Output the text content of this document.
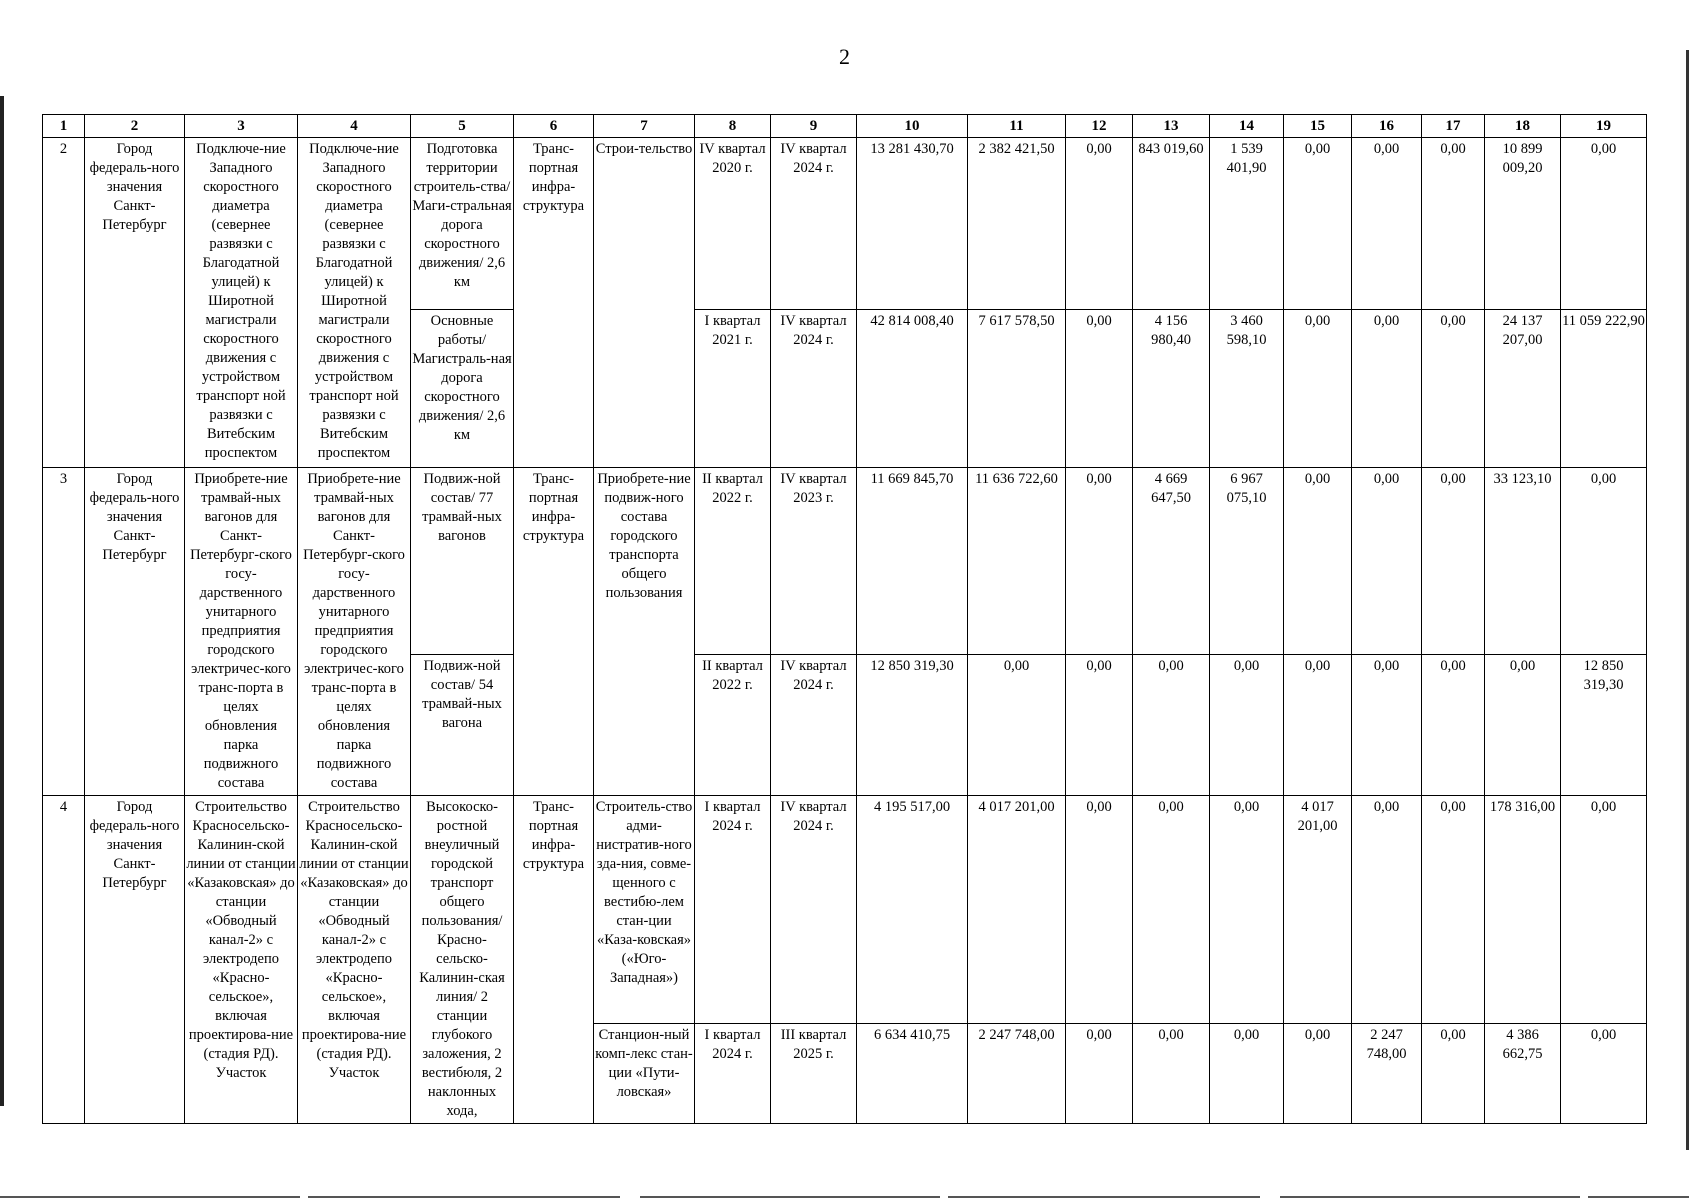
2
1	2	3	4	5	6	7	8	9	10	11	12	13	14	15	16	17	18	19
2	Город федераль-ного значения Санкт-Петербург	Подключе-ние Западного скоростного диаметра (севернее развязки с Благодатной улицей) к Широтной магистрали скоростного движения с устройством транспорт ной развязки с Витебским проспектом	Подключе-ние Западного скоростного диаметра (севернее развязки с Благодатной улицей) к Широтной магистрали скоростного движения с устройством транспорт ной развязки с Витебским проспектом	Подготовка территории строитель-ства/ Маги-стральная дорога скоростного движения/ 2,6 км	Транс-портная инфра-структура	Строи-тельство	IV квартал 2020 г.	IV квартал 2024 г.	13 281 430,70	2 382 421,50	0,00	843 019,60	1 539 401,90	0,00	0,00	0,00	10 899 009,20	0,00
				Основные работы/ Магистраль-ная дорога скоростного движения/ 2,6 км			I квартал 2021 г.	IV квартал 2024 г.	42 814 008,40	7 617 578,50	0,00	4 156 980,40	3 460 598,10	0,00	0,00	0,00	24 137 207,00	11 059 222,90
3	Город федераль-ного значения Санкт-Петербург	Приобрете-ние трамвай-ных вагонов для Санкт-Петербург-ского госу-дарственного унитарного предприятия городского электричес-кого транс-порта в целях обновления парка подвижного состава	Приобрете-ние трамвай-ных вагонов для Санкт-Петербург-ского госу-дарственного унитарного предприятия городского электричес-кого транс-порта в целях обновления парка подвижного состава	Подвиж-ной состав/ 77 трамвай-ных вагонов	Транс-портная инфра-структура	Приобрете-ние подвиж-ного состава городского транспорта общего пользования	II квартал 2022 г.	IV квартал 2023 г.	11 669 845,70	11 636 722,60	0,00	4 669 647,50	6 967 075,10	0,00	0,00	0,00	33 123,10	0,00
				Подвиж-ной состав/ 54 трамвай-ных вагона			II квартал 2022 г.	IV квартал 2024 г.	12 850 319,30	0,00	0,00	0,00	0,00	0,00	0,00	0,00	0,00	12 850 319,30
4	Город федераль-ного значения Санкт-Петербург	Строительство Красносельско-Калинин-ской линии от станции «Казаковская» до станции «Обводный канал-2» с электродепо «Красно-сельское», включая проектирова-ние (стадия РД). Участок	Строительство Красносельско-Калинин-ской линии от станции «Казаковская» до станции «Обводный канал-2» с электродепо «Красно-сельское», включая проектирова-ние (стадия РД). Участок	Высокоско-ростной внеуличный городской транспорт общего пользования/ Красно-сельско-Калинин-ская линия/ 2 станции глубокого заложения, 2 вестибюля, 2 наклонных хода,	Транс-портная инфра-структура	Строитель-ство адми-нистратив-ного зда-ния, совме-щенного с вестибю-лем стан-ции «Каза-ковская» («Юго-Западная»)	I квартал 2024 г.	IV квартал 2024 г.	4 195 517,00	4 017 201,00	0,00	0,00	0,00	4 017 201,00	0,00	0,00	178 316,00	0,00
						Станцион-ный комп-лекс стан-ции «Пути-ловская»	I квартал 2024 г.	III квартал 2025 г.	6 634 410,75	2 247 748,00	0,00	0,00	0,00	0,00	2 247 748,00	0,00	4 386 662,75	0,00
